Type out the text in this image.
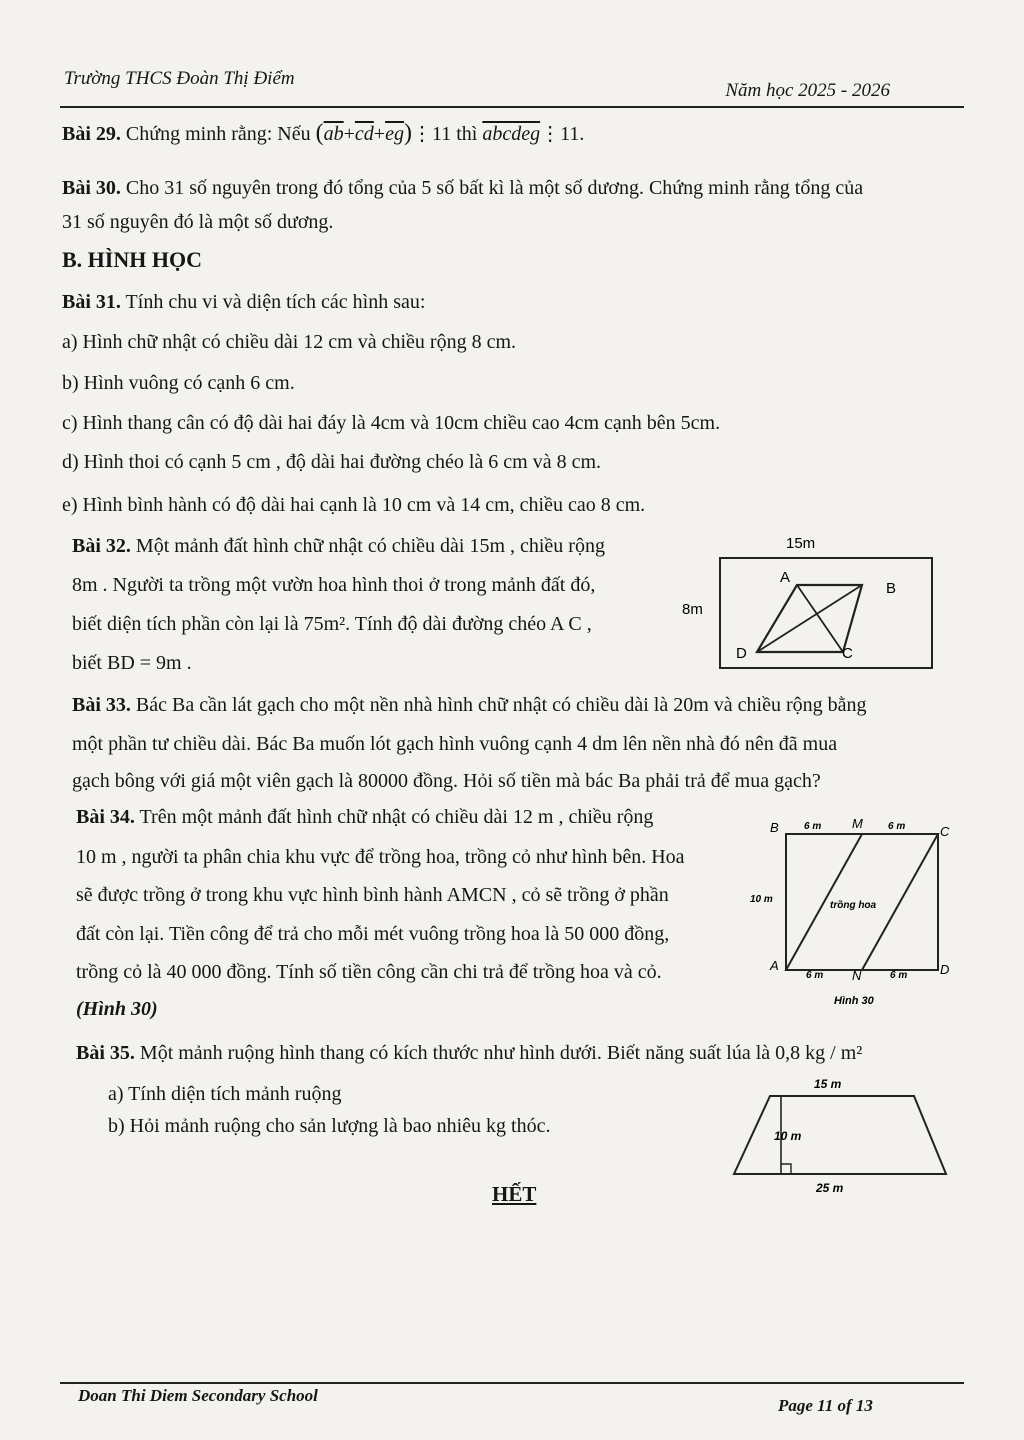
Trường THCS Đoàn Thị Điểm
Năm học 2025 - 2026
Bài 29. Chứng minh rằng: Nếu $(\overline{ab}+\overline{cd}+\overline{eg})⋮11$ thì abcdeg⋮11.
Bài 30. Cho 31 số nguyên trong đó tổng của 5 số bất kì là một số dương. Chứng minh rằng tổng của
31 số nguyên đó là một số dương.
B. HÌNH HỌC
Bài 31. Tính chu vi và diện tích các hình sau:
a) Hình chữ nhật có chiều dài 12 cm và chiều rộng 8 cm.
b) Hình vuông có cạnh 6 cm.
c) Hình thang cân có độ dài hai đáy là 4cm và 10cm chiều cao 4cm cạnh bên 5cm.
d) Hình thoi có cạnh 5 cm , độ dài hai đường chéo là 6 cm và 8 cm.
e) Hình bình hành có độ dài hai cạnh là 10 cm và 14 cm, chiều cao 8 cm.
Bài 32. Một mảnh đất hình chữ nhật có chiều dài 15m , chiều rộng
8m . Người ta trồng một vườn hoa hình thoi ở trong mảnh đất đó,
biết diện tích phần còn lại là 75m². Tính độ dài đường chéo A C ,
biết BD = 9m .
15m
8m
A
B
C
D
Bài 33. Bác Ba cần lát gạch cho một nền nhà hình chữ nhật có chiều dài là 20m và chiều rộng bằng
một phần tư chiều dài. Bác Ba muốn lót gạch hình vuông cạnh 4 dm lên nền nhà đó nên đã mua
gạch bông với giá một viên gạch là 80000 đồng. Hỏi số tiền mà bác Ba phải trả để mua gạch?
Bài 34. Trên một mảnh đất hình chữ nhật có chiều dài 12 m , chiều rộng
10 m , người ta phân chia khu vực để trồng hoa, trồng cỏ như hình bên. Hoa
sẽ được trồng ở trong khu vực hình bình hành AMCN , cỏ sẽ trồng ở phần
đất còn lại. Tiền công để trả cho mỗi mét vuông trồng hoa là 50 000 đồng,
trồng cỏ là 40 000 đồng. Tính số tiền công cần chi trả để trồng hoa và cỏ.
(Hình 30)
B	M
C
A
N	D
6 m	6 m
6 m	6 m
10 m
trồng hoa
Hình 30
Bài 35. Một mảnh ruộng hình thang có kích thước như hình dưới. Biết năng suất lúa là 0,8 kg / m²
a) Tính diện tích mảnh ruộng
b) Hỏi mảnh ruộng cho sản lượng là bao nhiêu kg thóc.
15 m
10 m
25 m
HẾT
Doan Thi Diem Secondary School
Page 11 of 13
